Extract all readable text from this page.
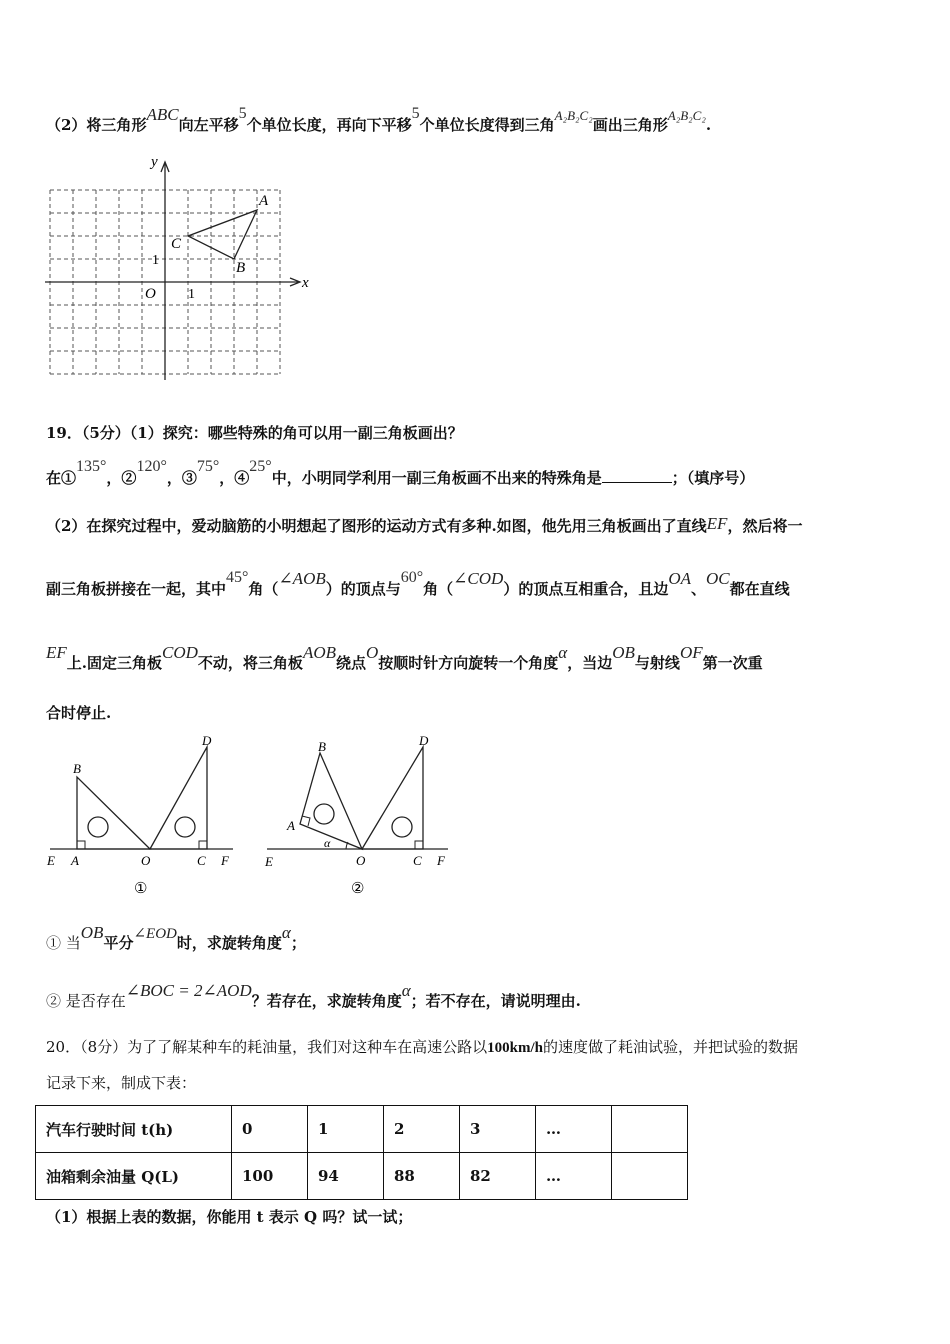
（2）将三角形ABC向左平移5个单位长度，再向下平移5个单位长度得到三角A₂B₂C₂画出三角形A₂B₂C₂.
x
y
O 1
1
A
B
C
19．（5分）（1）探究：哪些特殊的角可以用一副三角板画出？
在①135°，②120°，③75°，④25°中，小明同学利用一副三角板画不出来的特殊角是	；（填序号）
（2）在探究过程中，爱动脑筋的小明想起了图形的运动方式有多种.如图，他先用三角板画出了直线EF，然后将一
副三角板拼接在一起，其中45°角（∠AOB）的顶点与60°角（∠COD）的顶点互相重合，且边OA、OC都在直线
EF上.固定三角板COD不动，将三角板AOB绕点O按顺时针方向旋转一个角度α，当边OB与射线OF第一次重
合时停止.
B
D
E A	O	C F
①
B	D
A
E	O	C F
α
②
① 当OB平分∠EOD时，求旋转角度α；
② 是否存在∠BOC = 2∠AOD？若存在，求旋转角度α；若不存在，请说明理由.
20．（8分）为了了解某种车的耗油量，我们对这种车在高速公路以100km/h的速度做了耗油试验，并把试验的数据
记录下来，制成下表：
汽车行驶时间 t(h)	0	1	2	3	…	
油箱剩余油量 Q(L)	100	94	88	82	…	
（1）根据上表的数据，你能用 t 表示 Q 吗？试一试；
